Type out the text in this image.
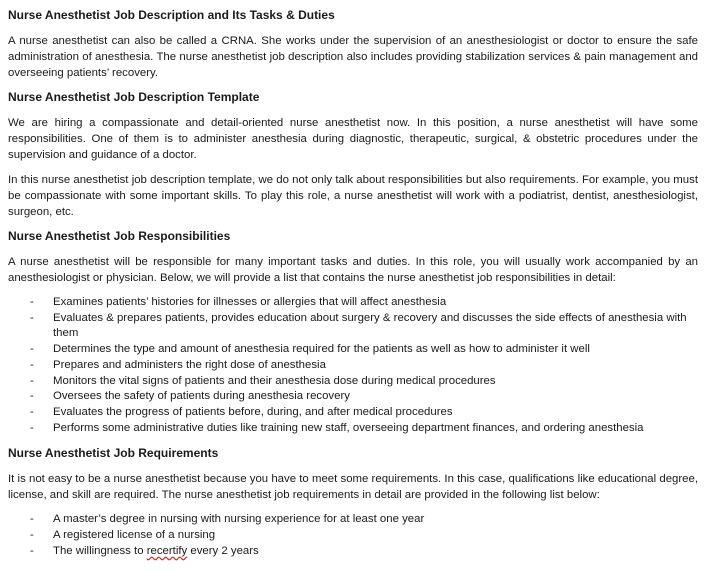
Nurse Anesthetist Job Description and Its Tasks & Duties

A nurse anesthetist can also be called a CRNA. She works under the supervision of an anesthesiologist or doctor to ensure the safe administration of anesthesia. The nurse anesthetist job description also includes providing stabilization services & pain management and overseeing patients’ recovery.

Nurse Anesthetist Job Description Template

We are hiring a compassionate and detail-oriented nurse anesthetist now. In this position, a nurse anesthetist will have some responsibilities. One of them is to administer anesthesia during diagnostic, therapeutic, surgical, & obstetric procedures under the supervision and guidance of a doctor.

In this nurse anesthetist job description template, we do not only talk about responsibilities but also requirements. For example, you must be compassionate with some important skills. To play this role, a nurse anesthetist will work with a podiatrist, dentist, anesthesiologist, surgeon, etc.

Nurse Anesthetist Job Responsibilities

A nurse anesthetist will be responsible for many important tasks and duties. In this role, you will usually work accompanied by an anesthesiologist or physician. Below, we will provide a list that contains the nurse anesthetist job responsibilities in detail:

- Examines patients’ histories for illnesses or allergies that will affect anesthesia
- Evaluates & prepares patients, provides education about surgery & recovery and discusses the side effects of anesthesia with them
- Determines the type and amount of anesthesia required for the patients as well as how to administer it well
- Prepares and administers the right dose of anesthesia
- Monitors the vital signs of patients and their anesthesia dose during medical procedures
- Oversees the safety of patients during anesthesia recovery
- Evaluates the progress of patients before, during, and after medical procedures
- Performs some administrative duties like training new staff, overseeing department finances, and ordering anesthesia
Nurse Anesthetist Job Requirements

It is not easy to be a nurse anesthetist because you have to meet some requirements. In this case, qualifications like educational degree, license, and skill are required. The nurse anesthetist job requirements in detail are provided in the following list below:

- A master’s degree in nursing with nursing experience for at least one year
- A registered license of a nursing
- The willingness to recertify every 2 years
